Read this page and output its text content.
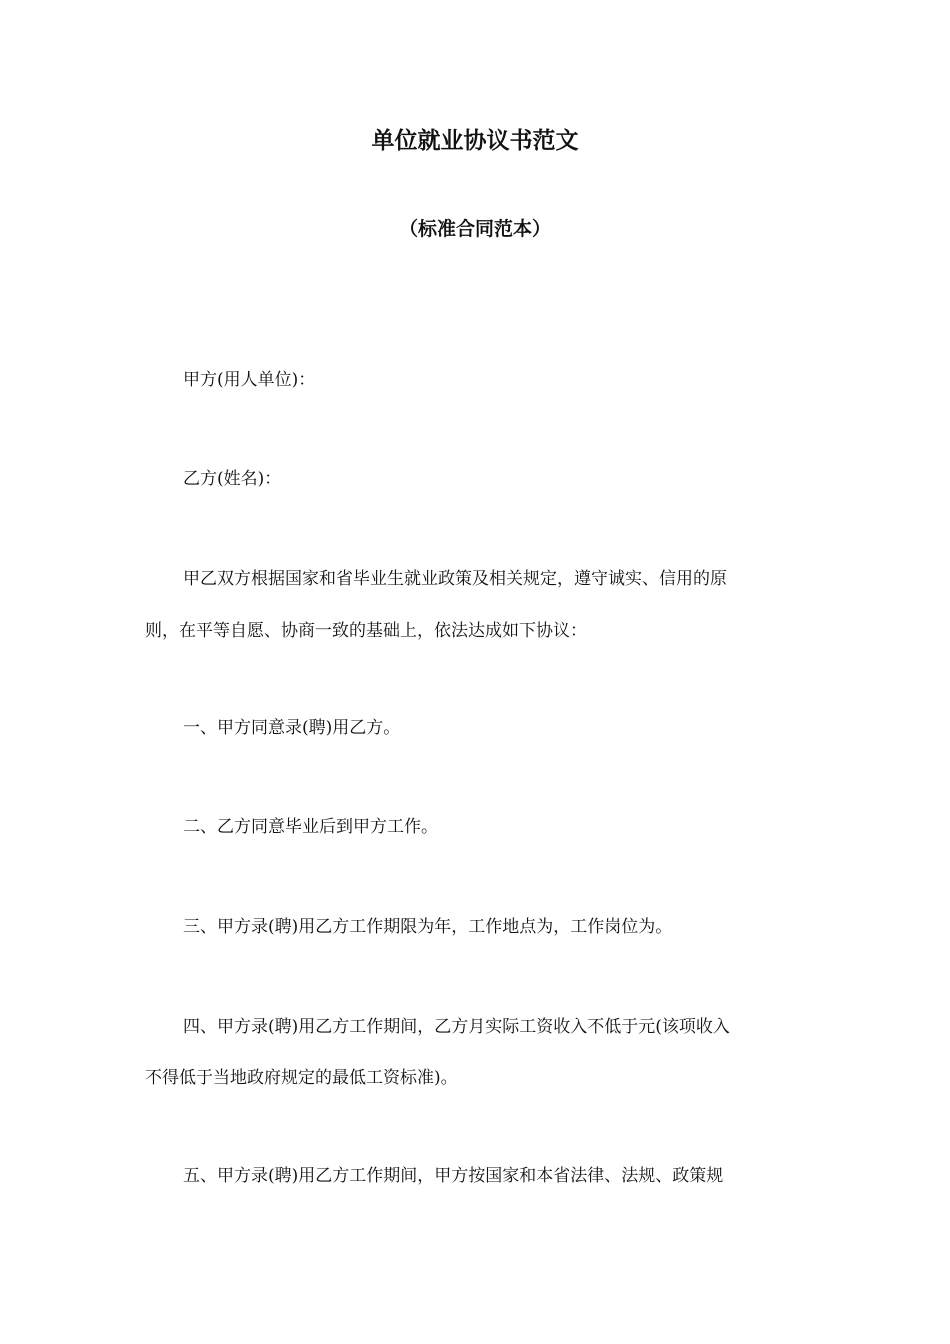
单位就业协议书范文
（标准合同范本）

甲方(用人单位)：

乙方(姓名)：

甲乙双方根据国家和省毕业生就业政策及相关规定，遵守诚实、信用的原

则，在平等自愿、协商一致的基础上，依法达成如下协议：

一、甲方同意录(聘)用乙方。

二、乙方同意毕业后到甲方工作。

三、甲方录(聘)用乙方工作期限为年，工作地点为，工作岗位为。

四、甲方录(聘)用乙方工作期间，乙方月实际工资收入不低于元(该项收入

不得低于当地政府规定的最低工资标准)。

五、甲方录(聘)用乙方工作期间，甲方按国家和本省法律、法规、政策规
